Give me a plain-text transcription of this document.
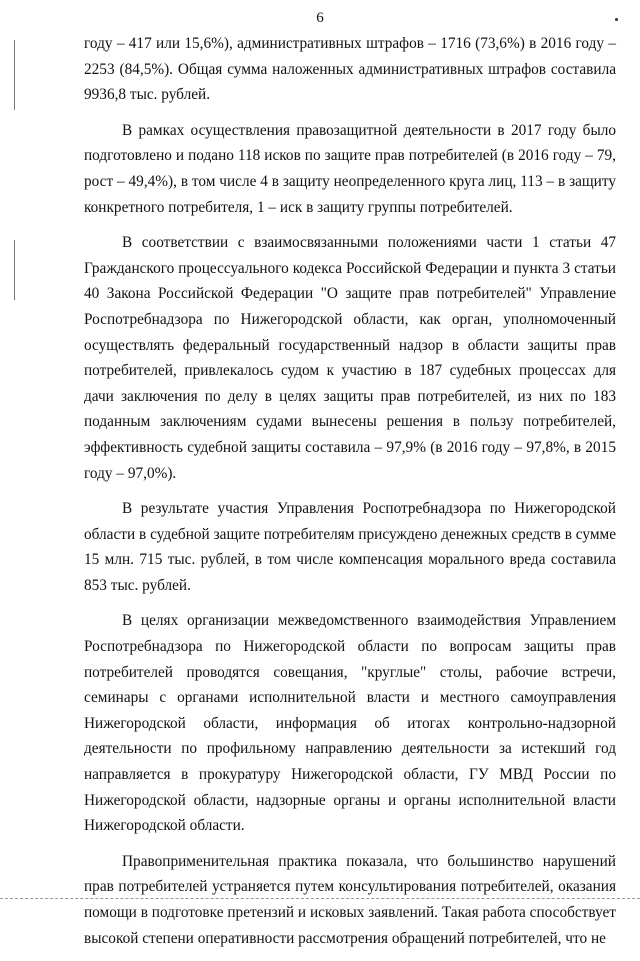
6

году – 417 или 15,6%), административных штрафов – 1716 (73,6%) в 2016 году – 2253 (84,5%). Общая сумма наложенных административных штрафов составила 9936,8 тыс. рублей.

В рамках осуществления правозащитной деятельности в 2017 году было подготовлено и подано 118 исков по защите прав потребителей (в 2016 году – 79, рост – 49,4%), в том числе 4 в защиту неопределенного круга лиц, 113 – в защиту конкретного потребителя, 1 – иск в защиту группы потребителей.

В соответствии с взаимосвязанными положениями части 1 статьи 47 Гражданского процессуального кодекса Российской Федерации и пункта 3 статьи 40 Закона Российской Федерации "О защите прав потребителей" Управление Роспотребнадзора по Нижегородской области, как орган, уполномоченный осуществлять федеральный государственный надзор в области защиты прав потребителей, привлекалось судом к участию в 187 судебных процессах для дачи заключения по делу в целях защиты прав потребителей, из них по 183 поданным заключениям судами вынесены решения в пользу потребителей, эффективность судебной защиты составила – 97,9% (в 2016 году – 97,8%, в 2015 году – 97,0%).

В результате участия Управления Роспотребнадзора по Нижегородской области в судебной защите потребителям присуждено денежных средств в сумме 15 млн. 715 тыс. рублей, в том числе компенсация морального вреда составила 853 тыс. рублей.

В целях организации межведомственного взаимодействия Управлением Роспотребнадзора по Нижегородской области по вопросам защиты прав потребителей проводятся совещания, "круглые" столы, рабочие встречи, семинары с органами исполнительной власти и местного самоуправления Нижегородской области, информация об итогах контрольно-надзорной деятельности по профильному направлению деятельности за истекший год направляется в прокуратуру Нижегородской области, ГУ МВД России по Нижегородской области, надзорные органы и органы исполнительной власти Нижегородской области.

Правоприменительная практика показала, что большинство нарушений прав потребителей устраняется путем консультирования потребителей, оказания помощи в подготовке претензий и исковых заявлений. Такая работа способствует высокой степени оперативности рассмотрения обращений потребителей, что не
